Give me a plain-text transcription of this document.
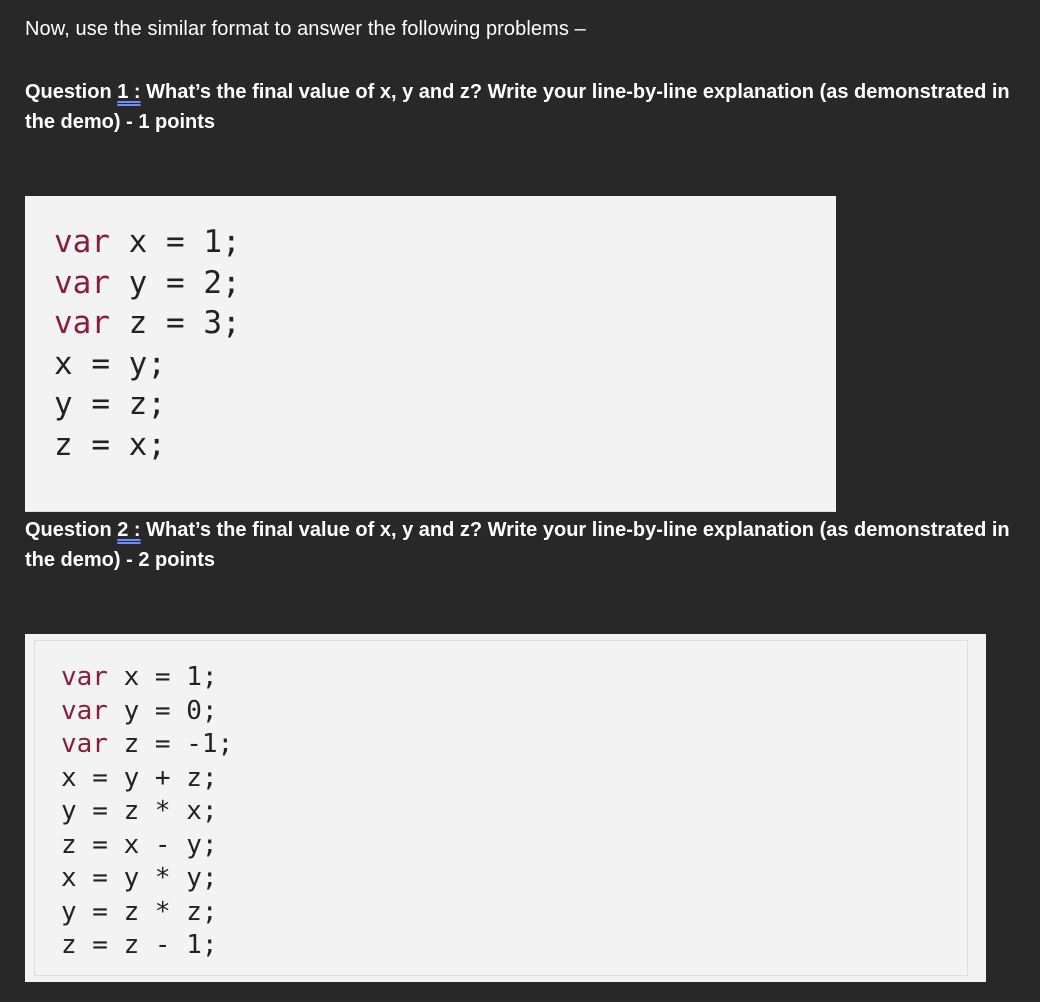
Now, use the similar format to answer the following problems –
Question 1 : What’s the final value of x, y and z? Write your line-by-line explanation (as demonstrated in the demo) - 1 points
var x = 1;
var y = 2;
var z = 3;
x = y;
y = z;
z = x;
Question 2 : What’s the final value of x, y and z? Write your line-by-line explanation (as demonstrated in the demo) - 2 points
var x = 1;
var y = 0;
var z = -1;
x = y + z;
y = z * x;
z = x - y;
x = y * y;
y = z * z;
z = z - 1;
